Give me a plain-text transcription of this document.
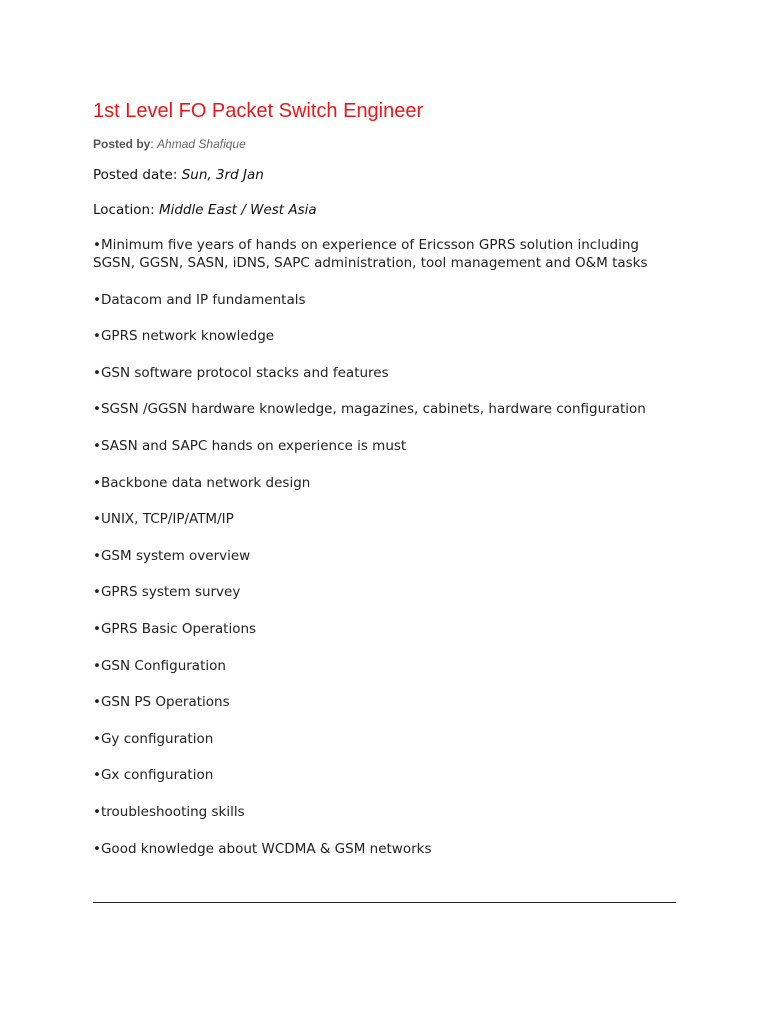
1st Level FO Packet Switch Engineer
Posted by: Ahmad Shafique
Posted date: Sun, 3rd Jan
Location: Middle East / West Asia
•Minimum five years of hands on experience of Ericsson GPRS solution including SGSN, GGSN, SASN, iDNS, SAPC administration, tool management and O&M tasks
•Datacom and IP fundamentals
•GPRS network knowledge
•GSN software protocol stacks and features
•SGSN /GGSN hardware knowledge, magazines, cabinets, hardware configuration
•SASN and SAPC hands on experience is must
•Backbone data network design
•UNIX, TCP/IP/ATM/IP
•GSM system overview
•GPRS system survey
•GPRS Basic Operations
•GSN Configuration
•GSN PS Operations
•Gy configuration
•Gx configuration
•troubleshooting skills
•Good knowledge about WCDMA & GSM networks
